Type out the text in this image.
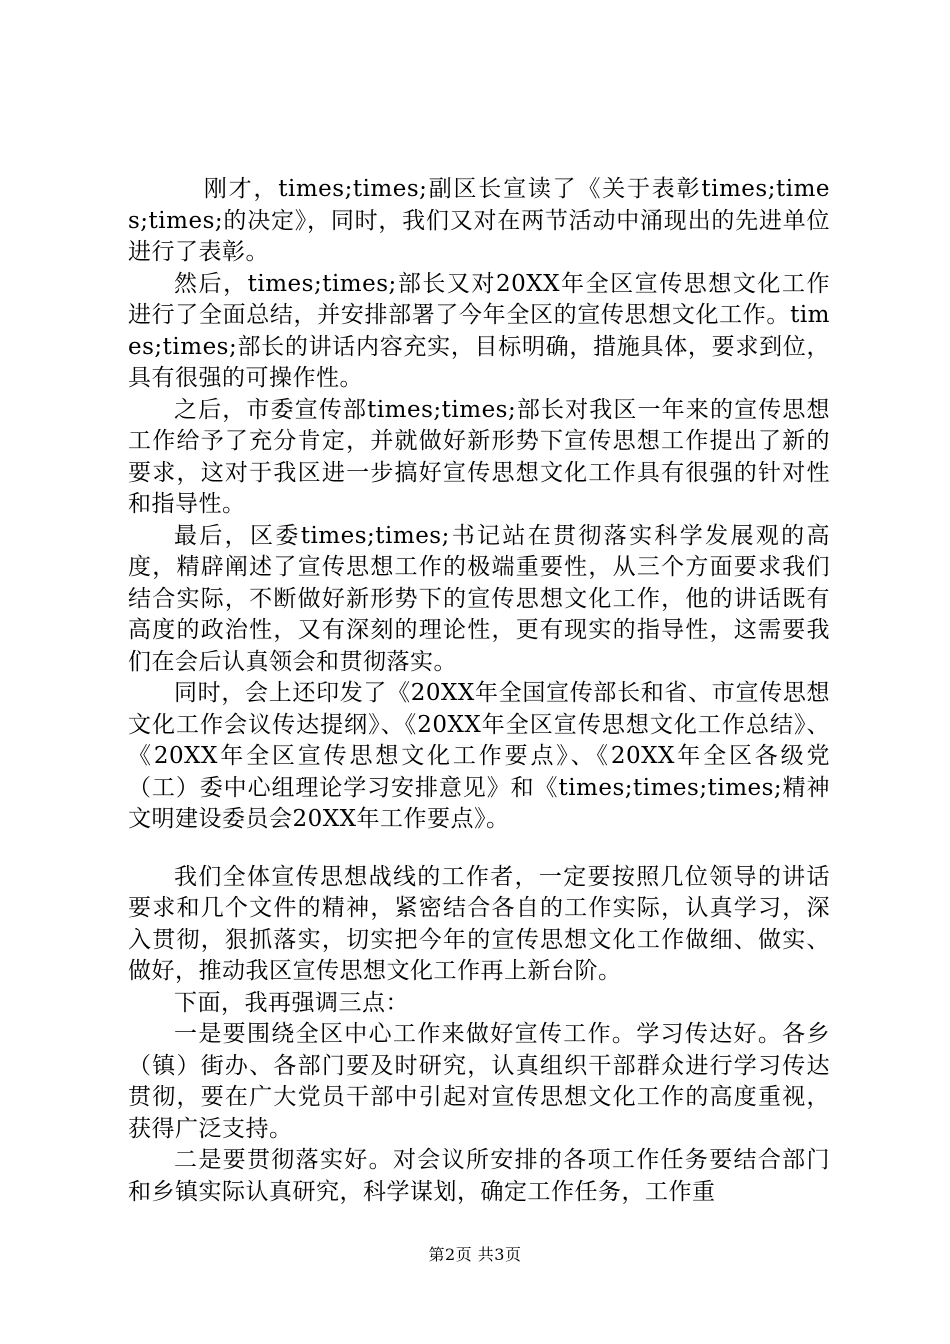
刚才，times;times;副区长宣读了《关于表彰times;times;times;的决定》，同时，我们又对在两节活动中涌现出的先进单位进行了表彰。

然后，times;times;部长又对20XX年全区宣传思想文化工作进行了全面总结，并安排部署了今年全区的宣传思想文化工作。times;times;部长的讲话内容充实，目标明确，措施具体，要求到位，具有很强的可操作性。

之后，市委宣传部times;times;部长对我区一年来的宣传思想工作给予了充分肯定，并就做好新形势下宣传思想工作提出了新的要求，这对于我区进一步搞好宣传思想文化工作具有很强的针对性和指导性。

最后，区委times;times;书记站在贯彻落实科学发展观的高度，精辟阐述了宣传思想工作的极端重要性，从三个方面要求我们结合实际，不断做好新形势下的宣传思想文化工作，他的讲话既有高度的政治性，又有深刻的理论性，更有现实的指导性，这需要我们在会后认真领会和贯彻落实。

同时，会上还印发了《20XX年全国宣传部长和省、市宣传思想文化工作会议传达提纲》、《20XX年全区宣传思想文化工作总结》、《20XX年全区宣传思想文化工作要点》、《20XX年全区各级党（工）委中心组理论学习安排意见》和《times;times;times;精神文明建设委员会20XX年工作要点》。

我们全体宣传思想战线的工作者，一定要按照几位领导的讲话要求和几个文件的精神，紧密结合各自的工作实际，认真学习，深入贯彻，狠抓落实，切实把今年的宣传思想文化工作做细、做实、做好，推动我区宣传思想文化工作再上新台阶。

下面，我再强调三点：

一是要围绕全区中心工作来做好宣传工作。学习传达好。各乡（镇）街办、各部门要及时研究，认真组织干部群众进行学习传达贯彻，要在广大党员干部中引起对宣传思想文化工作的高度重视，获得广泛支持。

二是要贯彻落实好。对会议所安排的各项工作任务要结合部门和乡镇实际认真研究，科学谋划，确定工作任务，工作重

第2页 共3页
